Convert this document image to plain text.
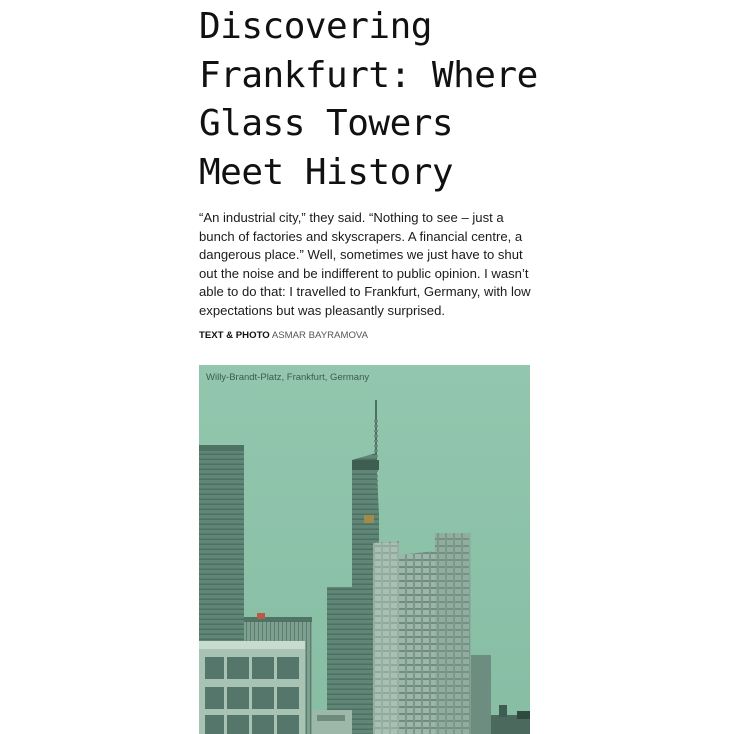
Discovering
Frankfurt: Where
Glass Towers
Meet History

“An industrial city,” they said. “Nothing to see – just a
bunch of factories and skyscrapers. A financial centre, a
dangerous place.” Well, sometimes we just have to shut
out the noise and be indifferent to public opinion. I wasn’t
able to do that: I travelled to Frankfurt, Germany, with low
expectations but was pleasantly surprised.

TEXT & PHOTO ASMAR BAYRAMOVA
Willy-Brandt-Platz, Frankfurt, Germany
